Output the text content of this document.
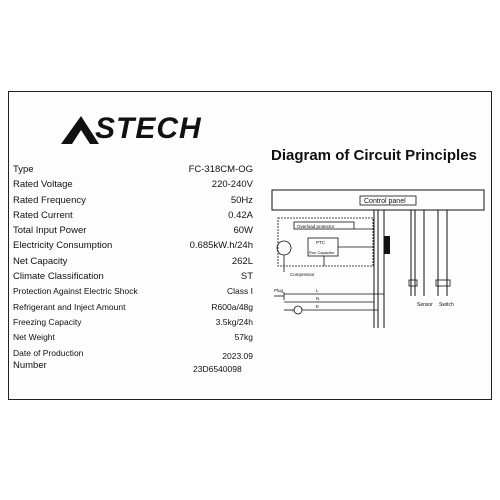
STECH
Diagram of Circuit Principles
Type	FC-318CM-OG
Rated Voltage	220-240V
Rated Frequency	50Hz
Rated Current	0.42A
Total Input Power	60W
Electricity Consumption	0.685kW.h/24h
Net Capacity	262L
Climate Classification	ST
Protection Against Electric Shock	Class I
Refrigerant and Inject Amount	R600a/48g
Freezing Capacity	3.5kg/24h
Net Weight	57kg
Date of Production	2023.09
Number	23D6540098
Control panel
Sensor Switch
Overload protector
PTC
Run Capacitor
Compressor
Plug	L
N
⏚
E
